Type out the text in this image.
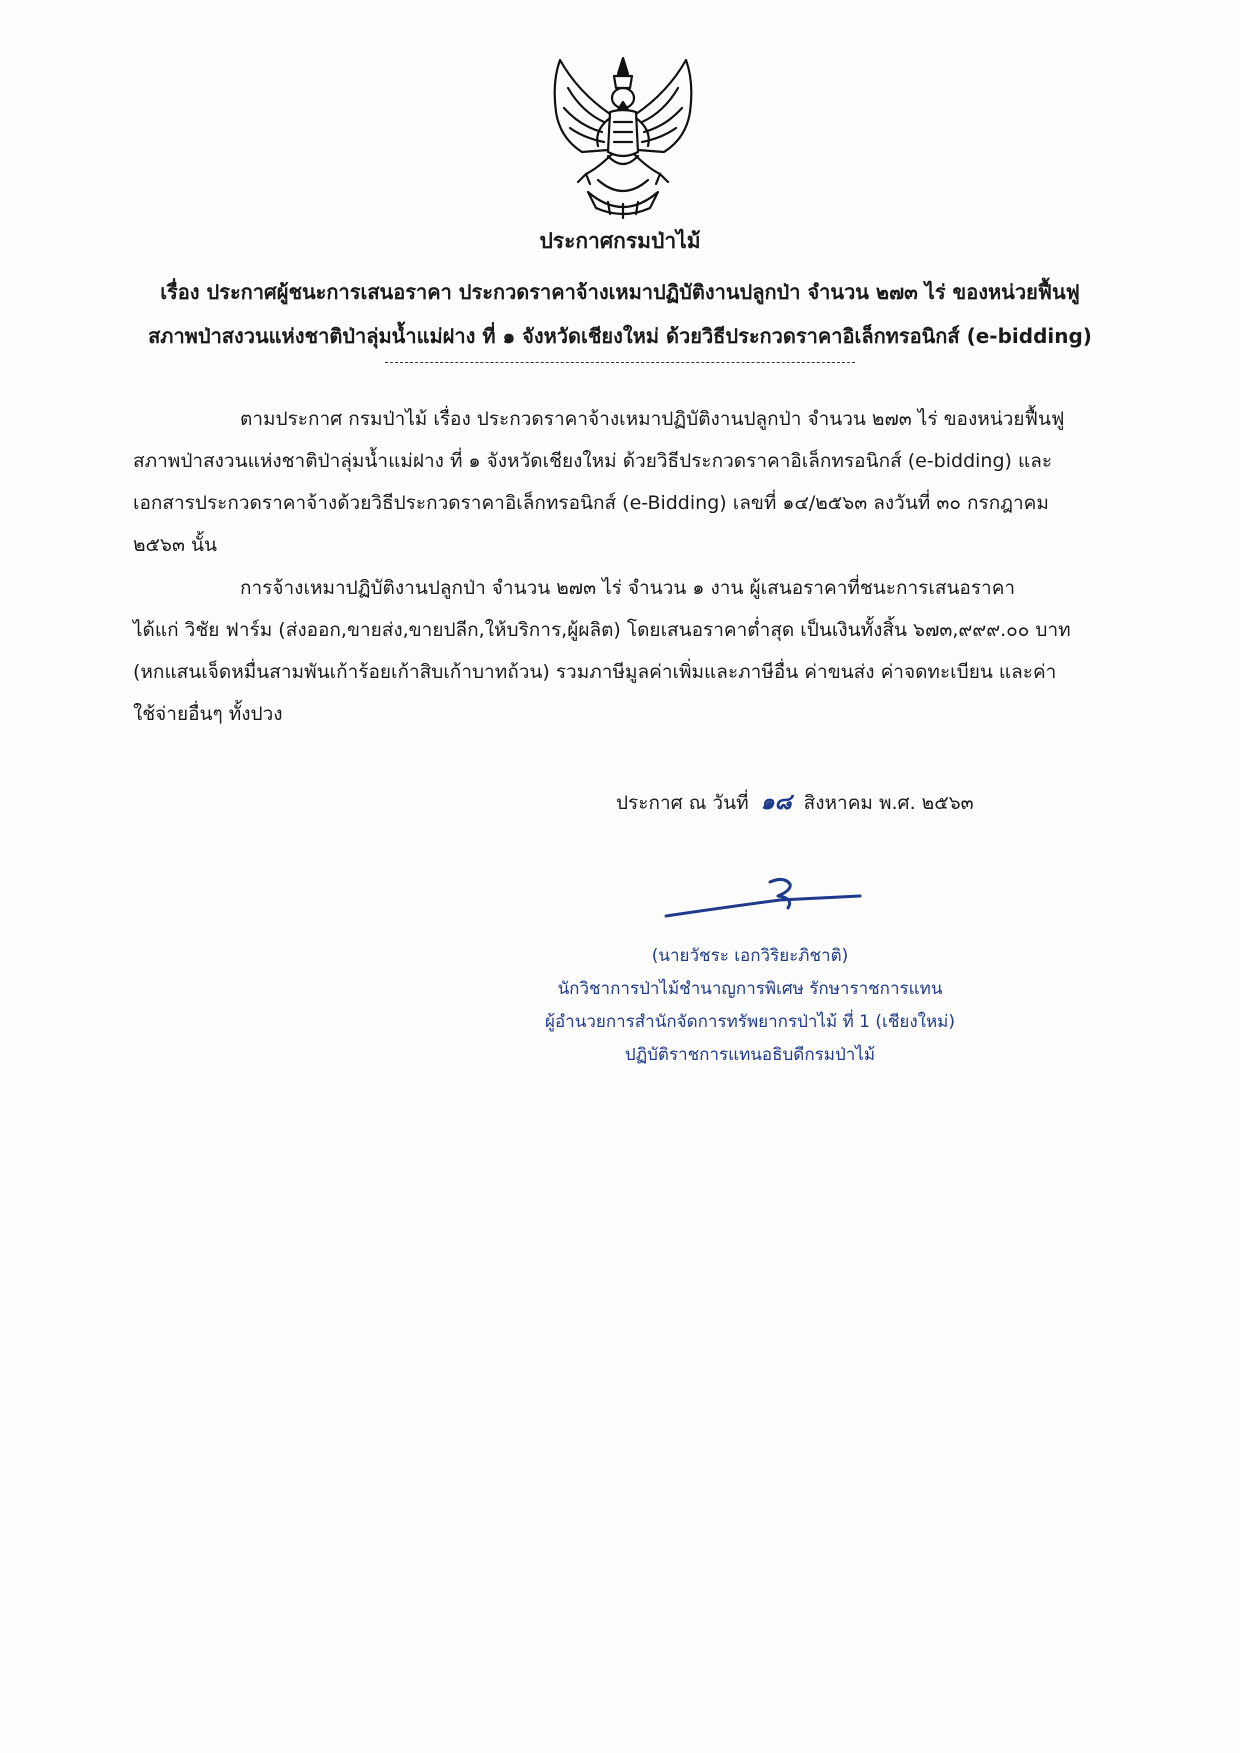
ประกาศกรมป่าไม้
เรื่อง ประกาศผู้ชนะการเสนอราคา ประกวดราคาจ้างเหมาปฏิบัติงานปลูกป่า จำนวน ๒๗๓ ไร่ ของหน่วยฟื้นฟู
สภาพป่าสงวนแห่งชาติป่าลุ่มน้ำแม่ฝาง ที่ ๑ จังหวัดเชียงใหม่ ด้วยวิธีประกวดราคาอิเล็กทรอนิกส์ (e-bidding)
ตามประกาศ กรมป่าไม้ เรื่อง ประกวดราคาจ้างเหมาปฏิบัติงานปลูกป่า จำนวน ๒๗๓ ไร่ ของหน่วยฟื้นฟู
สภาพป่าสงวนแห่งชาติป่าลุ่มน้ำแม่ฝาง ที่ ๑ จังหวัดเชียงใหม่ ด้วยวิธีประกวดราคาอิเล็กทรอนิกส์ (e-bidding) และ
เอกสารประกวดราคาจ้างด้วยวิธีประกวดราคาอิเล็กทรอนิกส์ (e-Bidding) เลขที่ ๑๔/๒๕๖๓ ลงวันที่ ๓๐ กรกฎาคม
๒๕๖๓ นั้น
การจ้างเหมาปฏิบัติงานปลูกป่า จำนวน ๒๗๓ ไร่ จำนวน ๑ งาน ผู้เสนอราคาที่ชนะการเสนอราคา
ได้แก่ วิชัย ฟาร์ม (ส่งออก,ขายส่ง,ขายปลีก,ให้บริการ,ผู้ผลิต) โดยเสนอราคาต่ำสุด เป็นเงินทั้งสิ้น ๖๗๓,๙๙๙.๐๐ บาท
(หกแสนเจ็ดหมื่นสามพันเก้าร้อยเก้าสิบเก้าบาทถ้วน) รวมภาษีมูลค่าเพิ่มและภาษีอื่น ค่าขนส่ง ค่าจดทะเบียน และค่า
ใช้จ่ายอื่นๆ ทั้งปวง
ประกาศ ณ วันที่ ๑๘ สิงหาคม พ.ศ. ๒๕๖๓
(นายวัชระ เอกวิริยะภิชาติ)
นักวิชาการป่าไม้ชำนาญการพิเศษ รักษาราชการแทน
ผู้อำนวยการสำนักจัดการทรัพยากรป่าไม้ ที่ 1 (เชียงใหม่)
ปฏิบัติราชการแทนอธิบดีกรมป่าไม้
